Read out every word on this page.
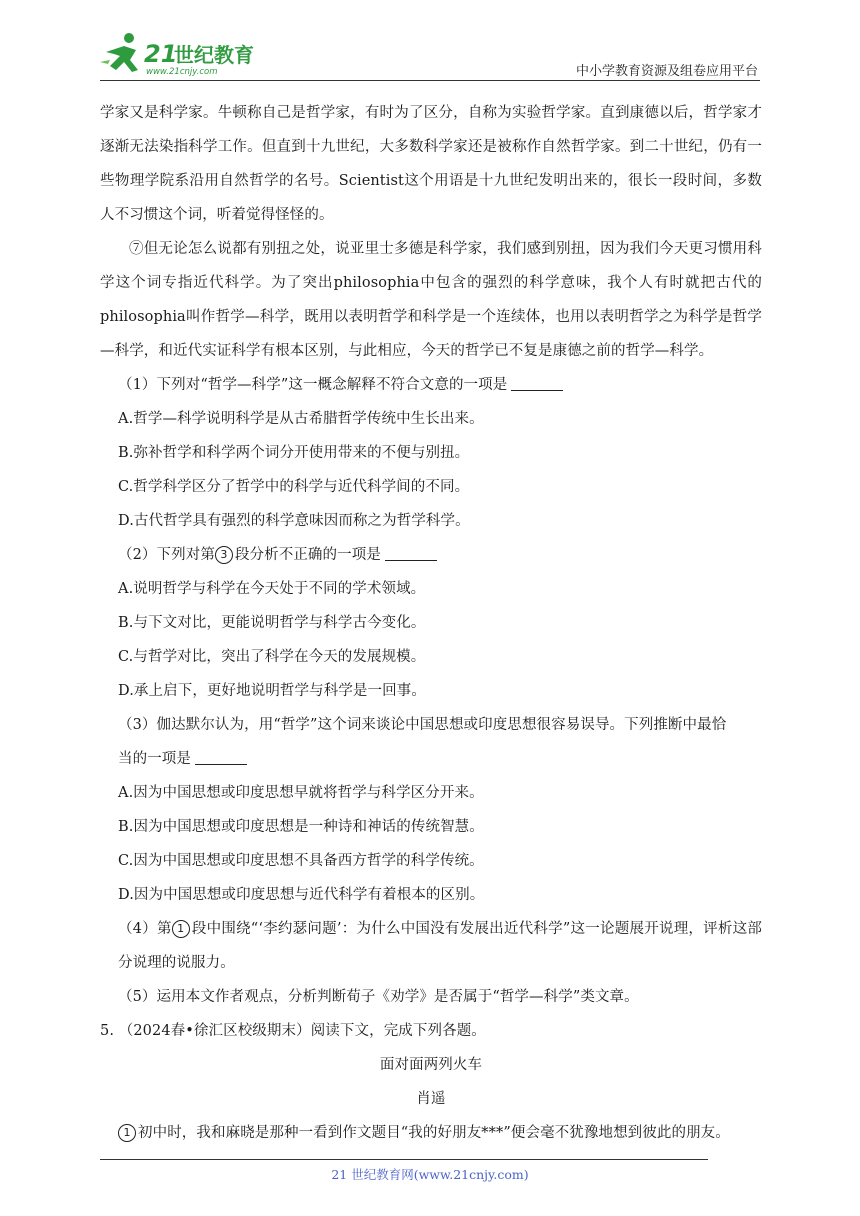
21
世纪教育
www.21cnjy.com	中小学教育资源及组卷应用平台

学家又是科学家。牛顿称自己是哲学家，有时为了区分，自称为实验哲学家。直到康德以后，哲学家才逐渐无法染指科学工作。但直到十九世纪，大多数科学家还是被称作自然哲学家。到二十世纪，仍有一些物理学院系沿用自然哲学的名号。Scientist这个用语是十九世纪发明出来的，很长一段时间，多数人不习惯这个词，听着觉得怪怪的。

⑦但无论怎么说都有别扭之处，说亚里士多德是科学家，我们感到别扭，因为我们今天更习惯用科学这个词专指近代科学。为了突出philosophia中包含的强烈的科学意味，我个人有时就把古代的philosophia叫作哲学—科学，既用以表明哲学和科学是一个连续体，也用以表明哲学之为科学是哲学—科学，和近代实证科学有根本区别，与此相应，今天的哲学已不复是康德之前的哲学—科学。

（1）下列对“哲学—科学”这一概念解释不符合文意的一项是

A.哲学—科学说明科学是从古希腊哲学传统中生长出来。

B.弥补哲学和科学两个词分开使用带来的不便与别扭。

C.哲学科学区分了哲学中的科学与近代科学间的不同。

D.古代哲学具有强烈的科学意味因而称之为哲学科学。

（2）下列对第 3 段分析不正确的一项是

A.说明哲学与科学在今天处于不同的学术领域。

B.与下文对比，更能说明哲学与科学古今变化。

C.与哲学对比，突出了科学在今天的发展规模。

D.承上启下，更好地说明哲学与科学是一回事。

（3）伽达默尔认为，用“哲学”这个词来谈论中国思想或印度思想很容易误导。下列推断中最恰

当的一项是

A.因为中国思想或印度思想早就将哲学与科学区分开来。

B.因为中国思想或印度思想是一种诗和神话的传统智慧。

C.因为中国思想或印度思想不具备西方哲学的科学传统。

D.因为中国思想或印度思想与近代科学有着根本的区别。

（4）第 1 段中围绕“‘李约瑟问题’：为什么中国没有发展出近代科学”这一论题展开说理，评析这部分说理的说服力。

（5）运用本文作者观点，分析判断荀子《劝学》是否属于“哲学—科学”类文章。

5. （2024春•徐汇区校级期末）阅读下文，完成下列各题。

面对面两列火车

肖遥

1 初中时，我和麻晓是那种一看到作文题目“我的好朋友***”便会毫不犹豫地想到彼此的朋友。

21 世纪教育网(www.21cnjy.com)
